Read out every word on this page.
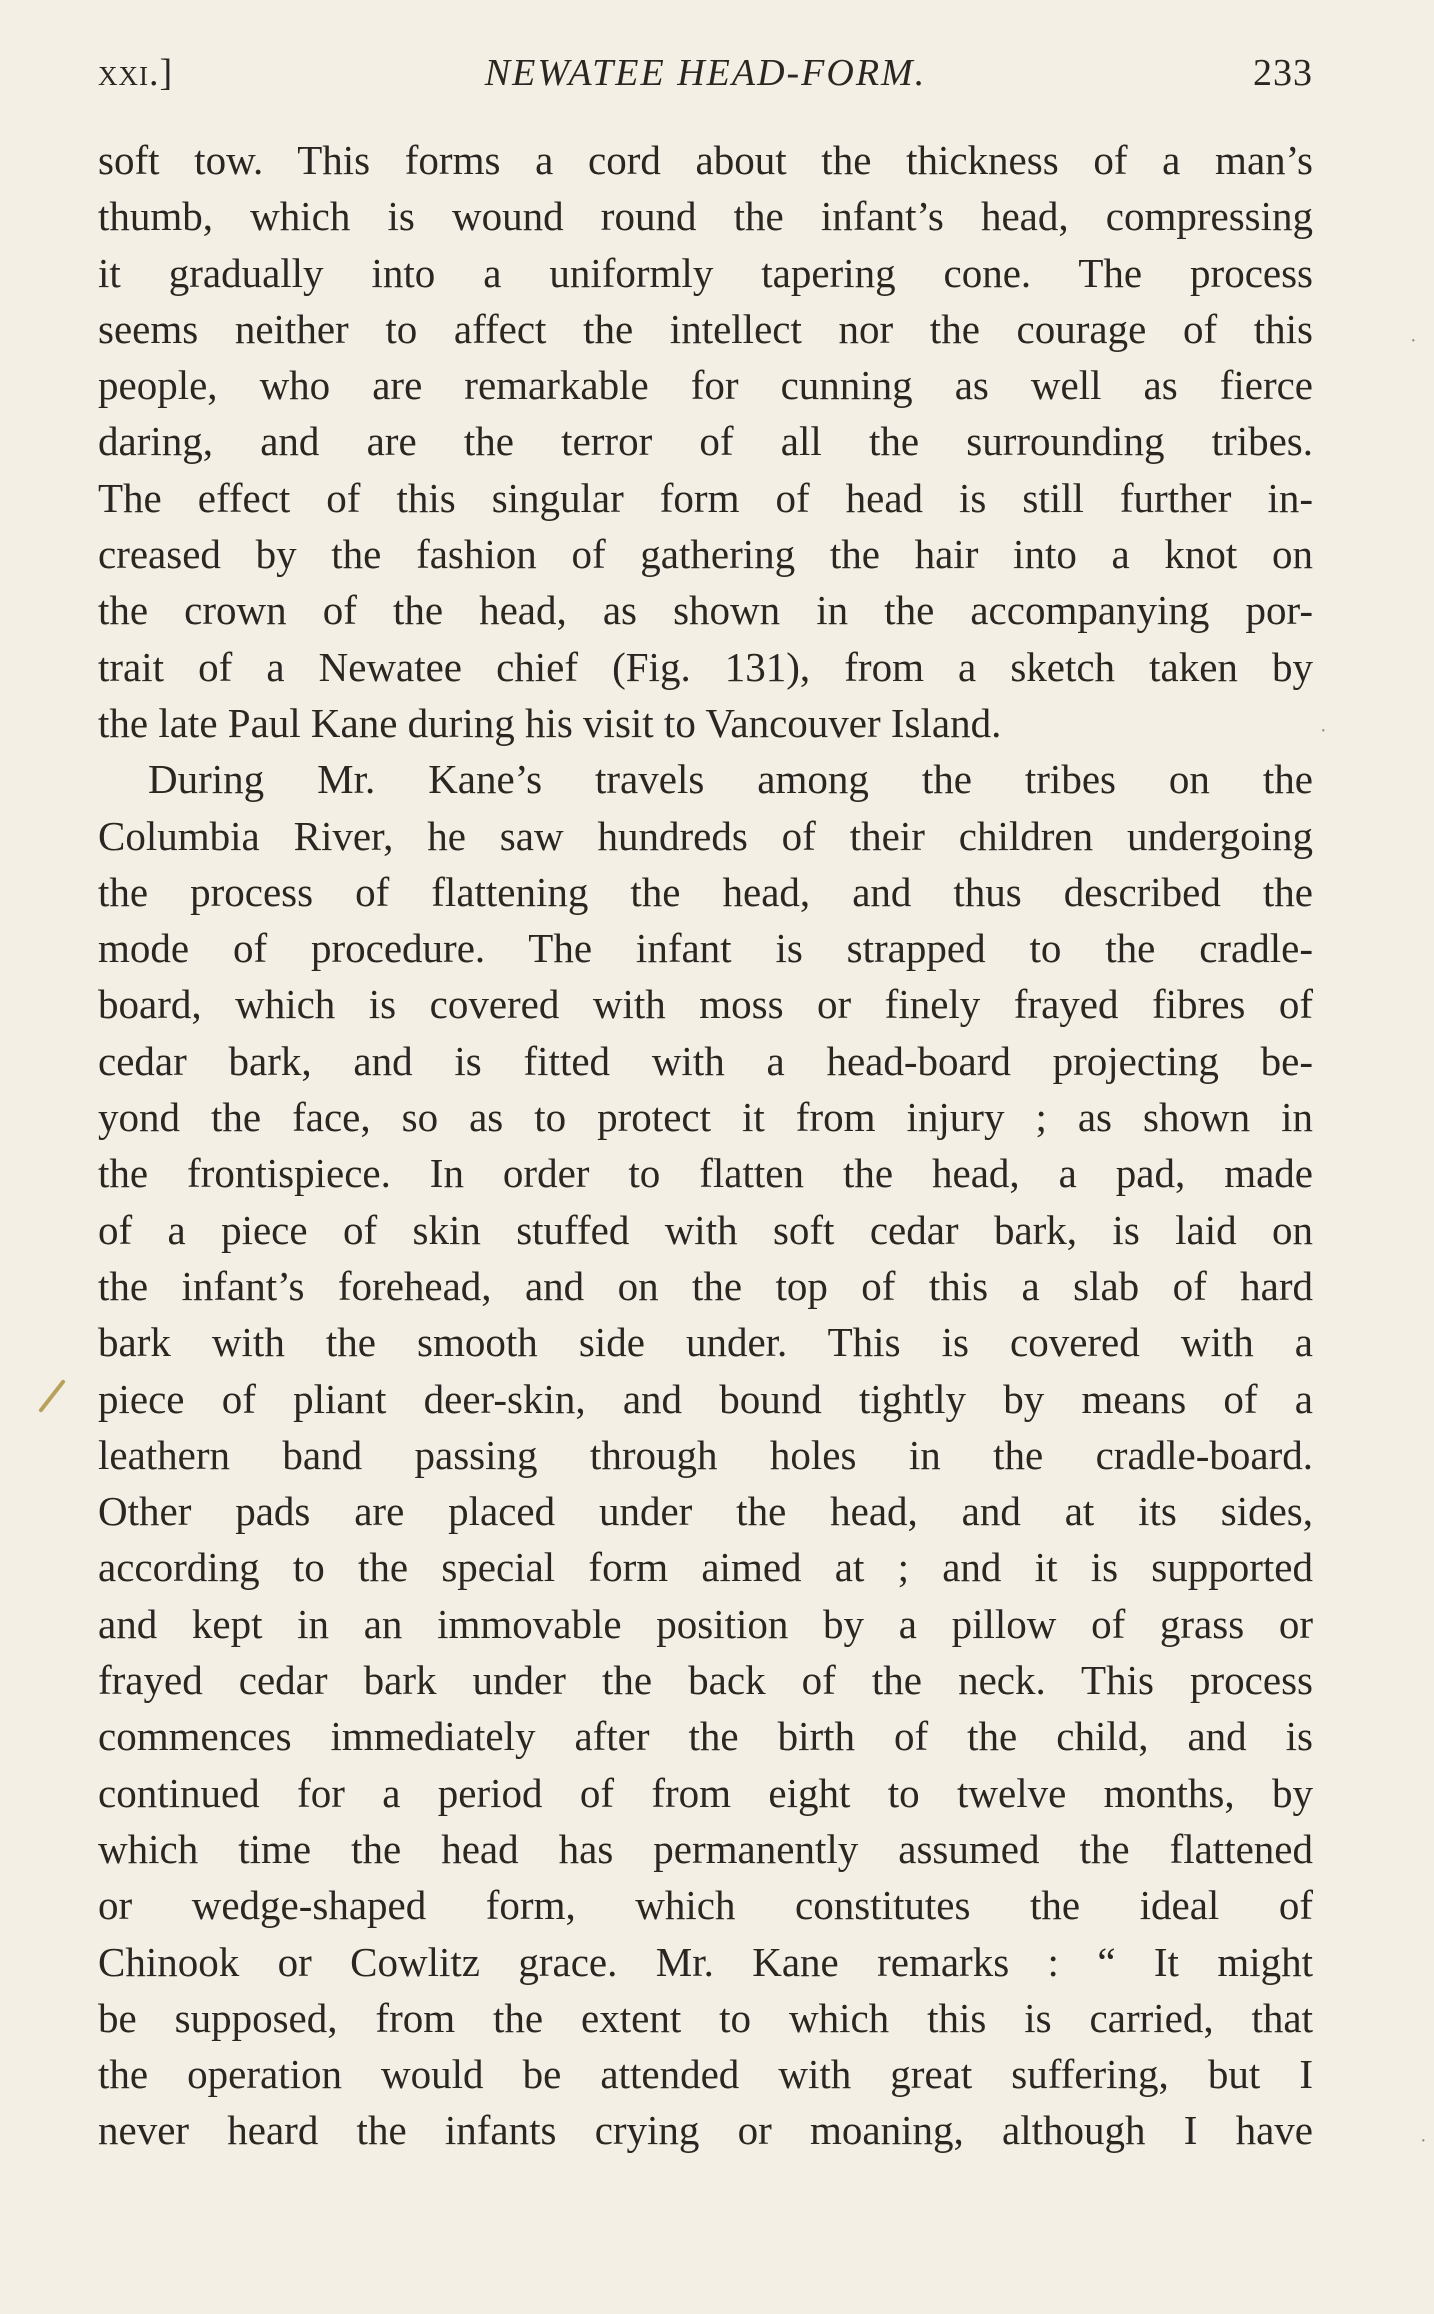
xxi.]	NEWATEE HEAD-FORM.	233
soft tow. This forms a cord about the thickness of a man’s
thumb, which is wound round the infant’s head, compressing
it gradually into a uniformly tapering cone. The process
seems neither to affect the intellect nor the courage of this
people, who are remarkable for cunning as well as fierce
daring, and are the terror of all the surrounding tribes.
The effect of this singular form of head is still further in-
creased by the fashion of gathering the hair into a knot on
the crown of the head, as shown in the accompanying por-
trait of a Newatee chief (Fig. 131), from a sketch taken by
the late Paul Kane during his visit to Vancouver Island.
During Mr. Kane’s travels among the tribes on the
Columbia River, he saw hundreds of their children undergoing
the process of flattening the head, and thus described the
mode of procedure. The infant is strapped to the cradle-
board, which is covered with moss or finely frayed fibres of
cedar bark, and is fitted with a head-board projecting be-
yond the face, so as to protect it from injury ; as shown in
the frontispiece. In order to flatten the head, a pad, made
of a piece of skin stuffed with soft cedar bark, is laid on
the infant’s forehead, and on the top of this a slab of hard
bark with the smooth side under. This is covered with a
piece of pliant deer-skin, and bound tightly by means of a
leathern band passing through holes in the cradle-board.
Other pads are placed under the head, and at its sides,
according to the special form aimed at ; and it is supported
and kept in an immovable position by a pillow of grass or
frayed cedar bark under the back of the neck. This process
commences immediately after the birth of the child, and is
continued for a period of from eight to twelve months, by
which time the head has permanently assumed the flattened
or wedge-shaped form, which constitutes the ideal of
Chinook or Cowlitz grace. Mr. Kane remarks : “ It might
be supposed, from the extent to which this is carried, that
the operation would be attended with great suffering, but I
never heard the infants crying or moaning, although I have
·
·
·
